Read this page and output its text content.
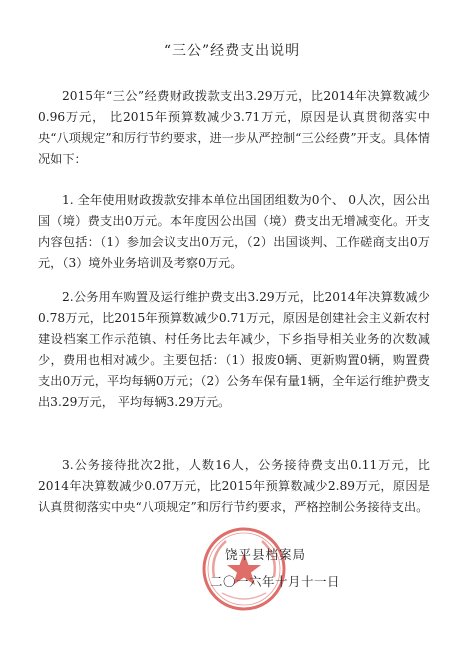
“三公”经费支出说明

2015年“三公”经费财政拨款支出3.29万元，比2014年决算数减少0.96万元， 比2015年预算数减少3.71万元，原因是认真贯彻落实中央“八项规定”和厉行节约要求，进一步从严控制“三公经费”开支。具体情况如下：

1. 全年使用财政拨款安排本单位出国团组数为0个、 0人次，因公出国（境）费支出0万元。本年度因公出国（境）费支出无增减变化。开支内容包括：（1）参加会议支出0万元，（2）出国谈判、工作磋商支出0万元，（3）境外业务培训及考察0万元。

2.公务用车购置及运行维护费支出3.29万元，比2014年决算数减少0.78万元，比2015年预算数减少0.71万元，原因是创建社会主义新农村建设档案工作示范镇、村任务比去年减少，下乡指导相关业务的次数减少，费用也相对减少。主要包括：（1）报废0辆、更新购置0辆，购置费支出0万元，平均每辆0万元；（2）公务车保有量1辆，全年运行维护费支出3.29万元， 平均每辆3.29万元。

3.公务接待批次2批，人数16人，公务接待费支出0.11万元，比2014年决算数减少0.07万元，比2015年预算数减少2.89万元，原因是认真贯彻落实中央“八项规定”和厉行节约要求，严格控制公务接待支出。

饶平县档案局
二〇一六年十月十一日
